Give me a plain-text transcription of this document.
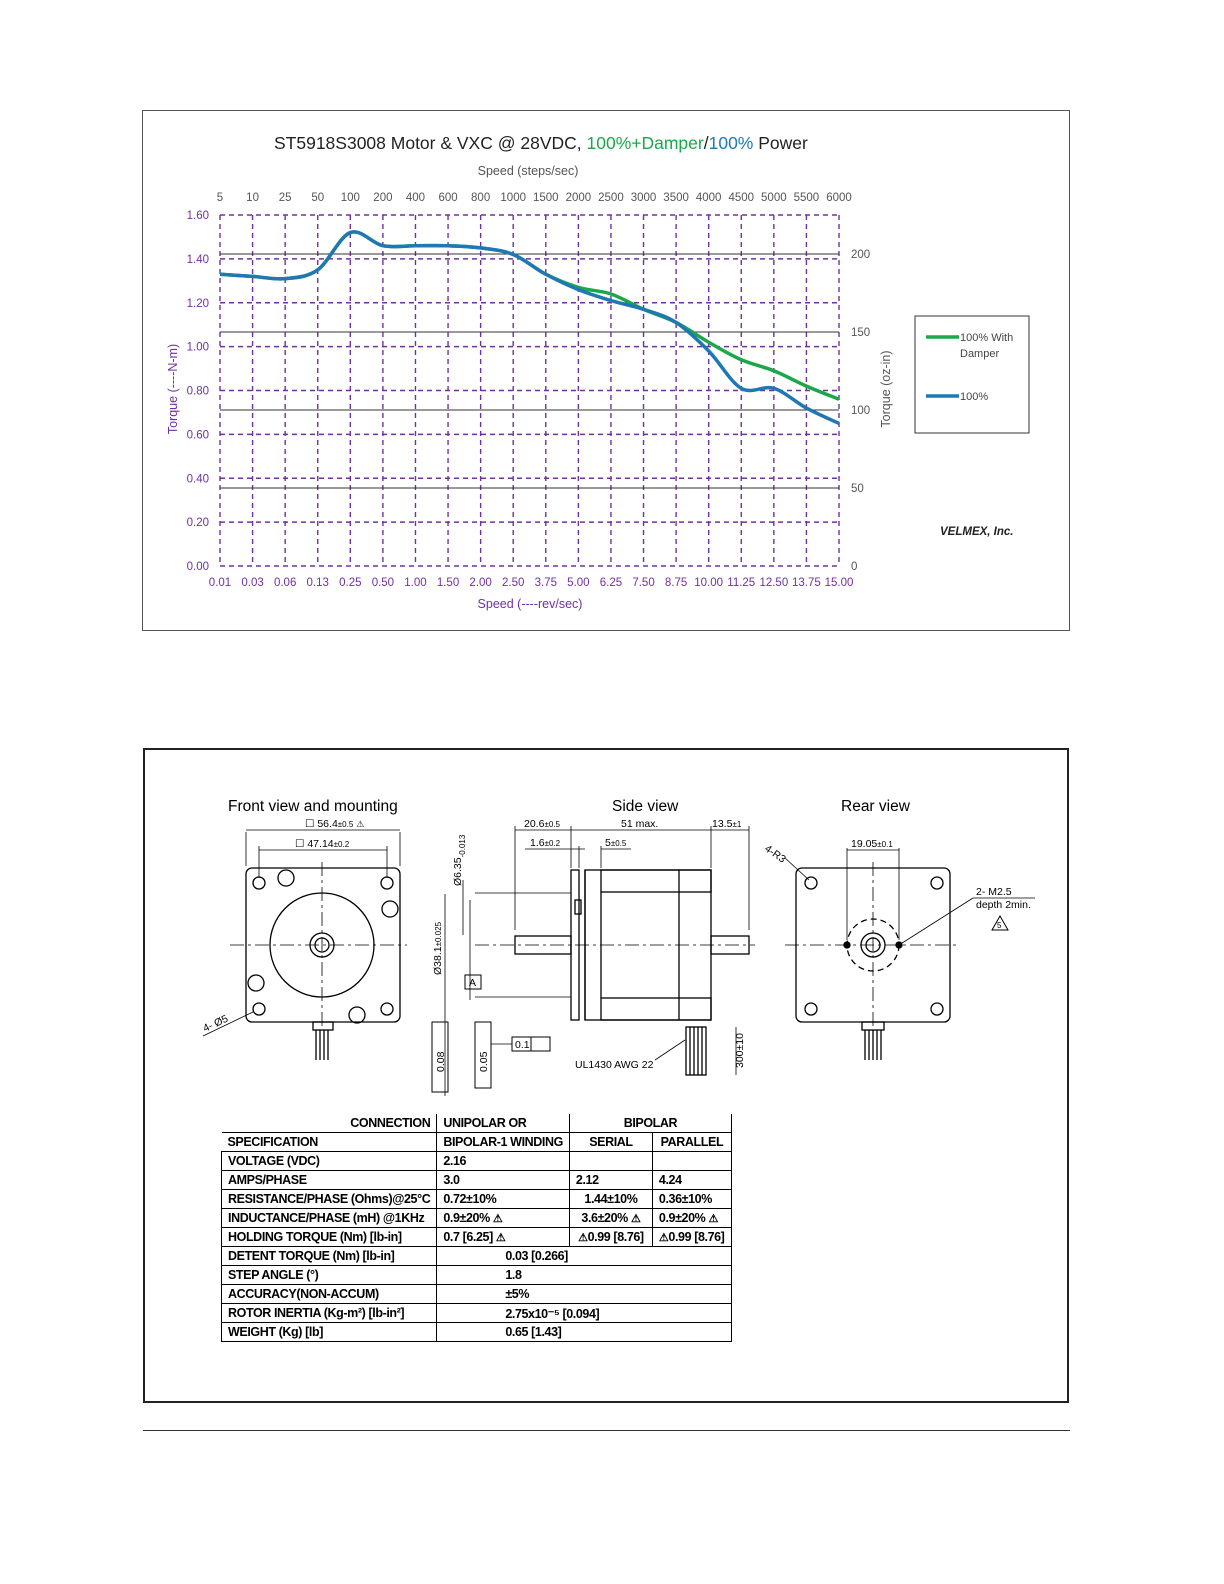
ST5918S3008 Motor & VXC @ 28VDC, 100%+Damper/100% Power
Speed (steps/sec)
Speed (----rev/sec)
Torque (----N-m)	Torque (oz-in)
5 10 25 50 100 200 400 600 800 1000 1500 2000 2500 3000 3500 4000 4500 5000 5500 6000
0.01 0.03 0.06 0.13 0.25 0.50 1.00 1.50 2.00 2.50 3.75 5.00 6.25 7.50 8.75 10.00 11.25 12.50 13.75 15.00
0.00
0.20
0.40
0.60
0.80
1.00
1.20
1.40
1.60
0
50
100
150
200
100% With
Damper
100%
VELMEX, Inc.
Front view and mounting	Side view	Rear view
☐ 56.4±0.5 ⚠
☐ 47.14±0.2
4- Ø5
20.6±0.5	51 max.	13.5±1
1.6±0.2	5±0.5
$Ø6.35_{-0.013}$
Ø38.1±0.025
A
0.08	0.05
0.1
UL1430 AWG 22	300±10
4-R3	19.05±0.1
2- M2.5
depth 2min.
5
CONNECTION	UNIPOLAR OR	BIPOLAR	
SPECIFICATION	BIPOLAR-1 WINDING	SERIAL	PARALLEL
VOLTAGE (VDC)	2.16		
AMPS/PHASE	3.0	2.12	4.24
RESISTANCE/PHASE (Ohms)@25°C	0.72±10%	1.44±10%	0.36±10%
INDUCTANCE/PHASE (mH) @1KHz	0.9±20% ⚠	3.6±20% ⚠	0.9±20% ⚠
HOLDING TORQUE (Nm) [lb-in]	0.7 [6.25] ⚠	⚠0.99 [8.76]	⚠0.99 [8.76]
DETENT TORQUE (Nm) [lb-in]	0.03 [0.266]		
STEP ANGLE (°)	1.8		
ACCURACY(NON-ACCUM)	±5%		
ROTOR INERTIA (Kg-m²) [lb-in²]	2.75x10⁻⁵ [0.094]		
WEIGHT (Kg) [lb]	0.65 [1.43]		
